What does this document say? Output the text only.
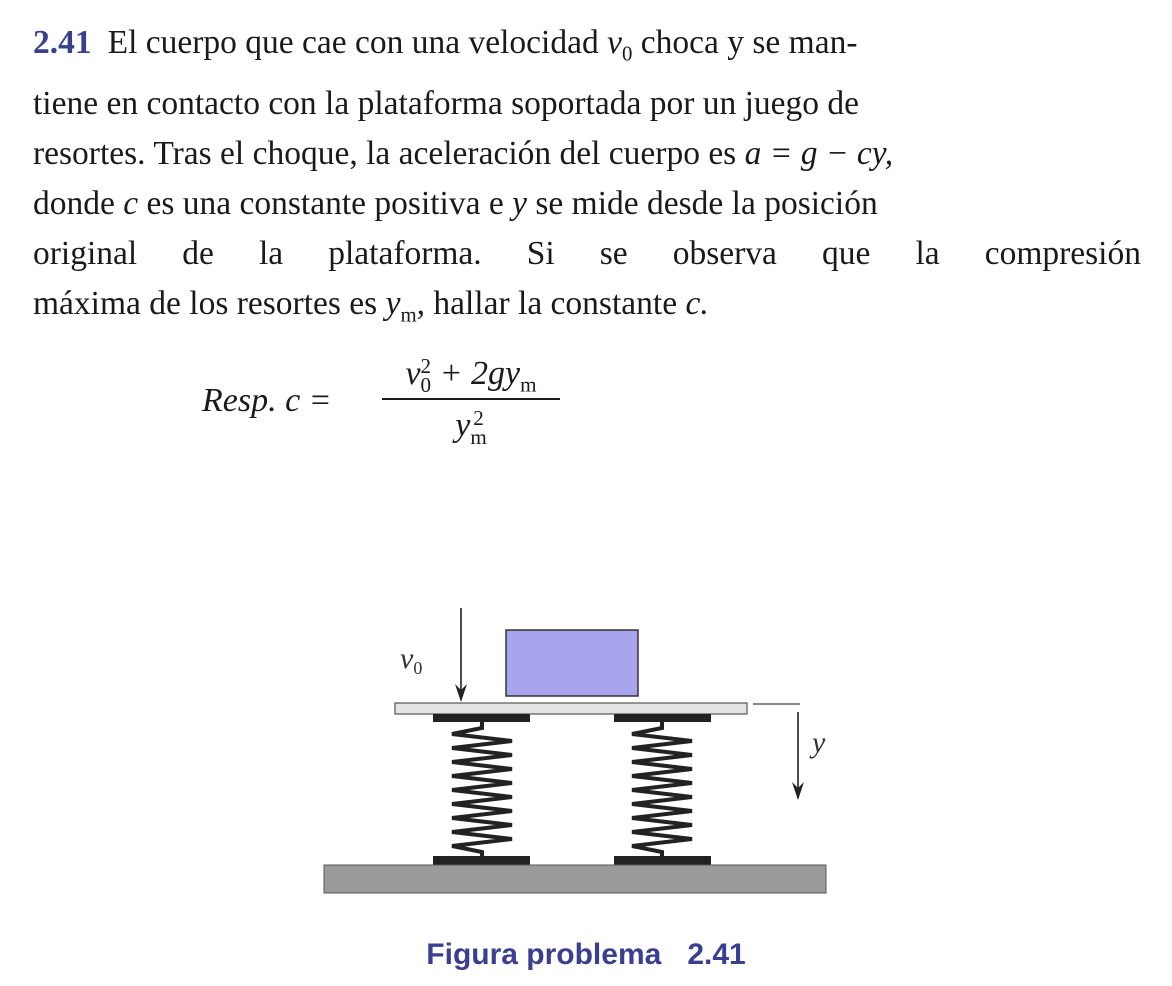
2.41 El cuerpo que cae con una velocidad $v_0$ choca y se man-
tiene en contacto con la plataforma soportada por un juego de
resortes. Tras el choque, la aceleración del cuerpo es a = g − cy,
donde c es una constante positiva e y se mide desde la posición
original de la plataforma. Si se observa que la compresión
máxima de los resortes es $y_m$, hallar la constante c.
Resp. c =
v 2
$0 + 2gy_m$
y 2
m
$v_0$
y
Figura problema 2.41
